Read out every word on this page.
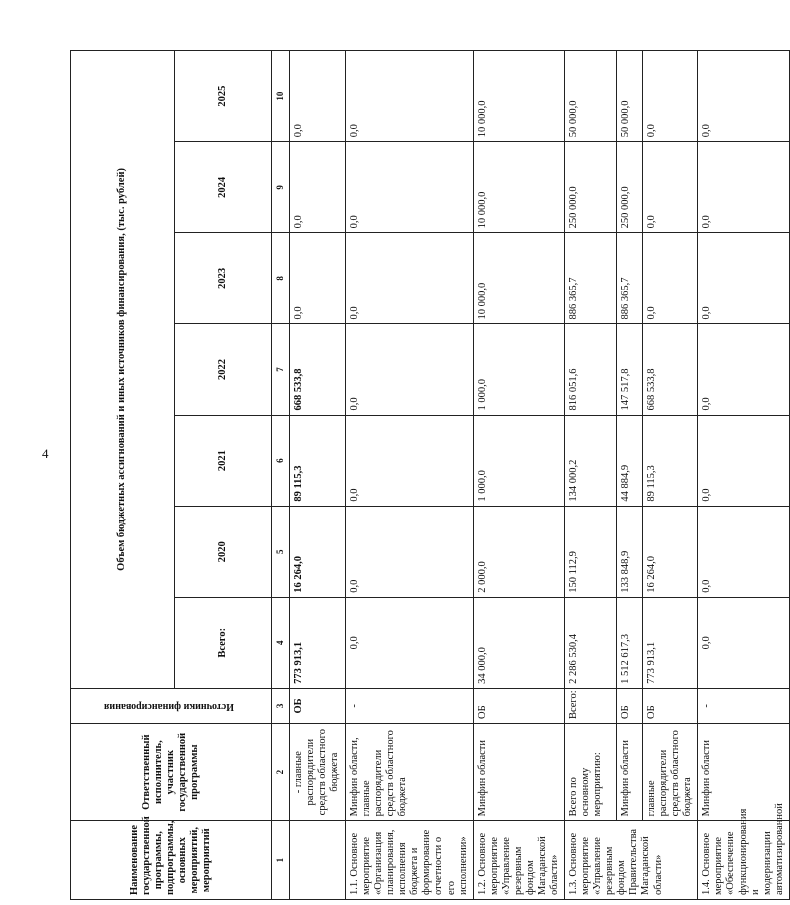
4
Наименование государственной программы, подпрограммы, основных мероприятий, мероприятий	Ответственный исполнитель, участник государственной программы	Источники финансирования	Объем бюджетных ассигнований и иных источников финансирования, (тыс. рублей)						
			Всего:	2020	2021	2022	2023	2024	2025
1	2	3	4	5	6	7	8	9	10
	- главные распорядители средств областного бюджета	ОБ	773 913,1	16 264,0	89 115,3	668 533,8	0,0	0,0	0,0
1.1. Основное мероприятие «Организация планирования, исполнения бюджета и формирование отчетности о его исполнении»	Минфин области, главные распорядители средств областного бюджета	-	0,0	0,0	0,0	0,0	0,0	0,0	0,0
1.2. Основное мероприятие «Управление резервным фондом Магаданской области»	Минфин области	ОБ	34 000,0	2 000,0	1 000,0	1 000,0	10 000,0	10 000,0	10 000,0
1.3. Основное мероприятие «Управление резервным фондом Правительства Магаданской области»	Всего по основному мероприятию:	Всего:	2 286 530,4	150 112,9	134 000,2	816 051,6	886 365,7	250 000,0	50 000,0
	Минфин области	ОБ	1 512 617,3	133 848,9	44 884,9	147 517,8	886 365,7	250 000,0	50 000,0
	главные распорядители средств областного бюджета	ОБ	773 913,1	16 264,0	89 115,3	668 533,8	0,0	0,0	0,0
1.4. Основное мероприятие «Обеспечение функционирования и модернизации автоматизированной	Минфин области	-	0,0	0,0	0,0	0,0	0,0	0,0	0,0
